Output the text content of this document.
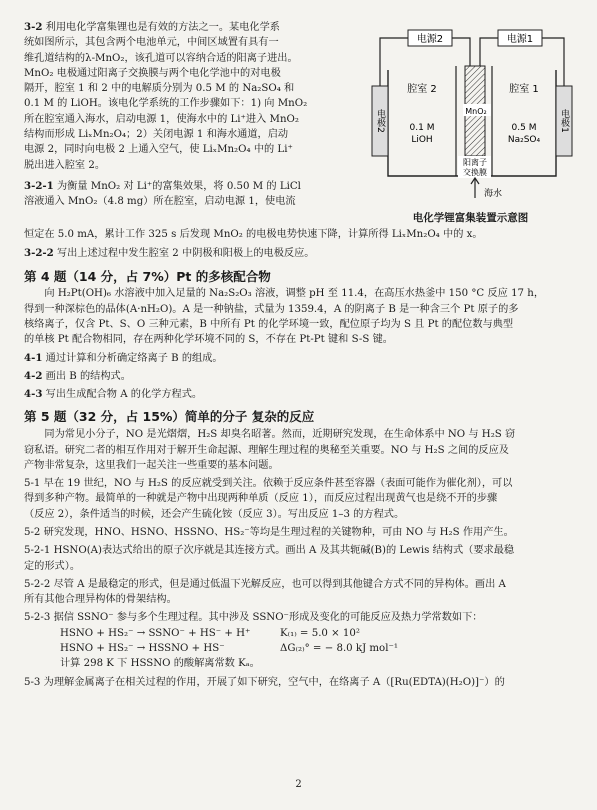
3-2 利用电化学富集锂也是有效的方法之一。某电化学系

统如图所示，其包含两个电池单元，中间区域置有具有一

维孔道结构的λ-MnO₂，该孔道可以容纳合适的阳离子进出。

MnO₂ 电极通过阳离子交换膜与两个电化学池中的对电极

隔开，腔室 1 和 2 中的电解质分别为 0.5 M 的 Na₂SO₄ 和

0.1 M 的 LiOH。该电化学系统的工作步骤如下：1) 向 MnO₂

所在腔室通入海水，启动电源 1，使海水中的 Li⁺进入 MnO₂

结构而形成 LiₓMn₂O₄；2）关闭电源 1 和海水通道，启动

电源 2，同时向电极 2 上通入空气，使 LiₓMn₂O₄ 中的 Li⁺

脱出进入腔室 2。

3-2-1 为衡量 MnO₂ 对 Li⁺的富集效果，将 0.50 M 的 LiCl

溶液通入 MnO₂（4.8 mg）所在腔室，启动电源 1，使电流

电源2	电源1
电极2	电极1
MnO₂
腔室 2	腔室 1
0.1 M
LiOH
0.5 M
Na₂SO₄
阳离子
交换膜
海水
电化学锂富集装置示意图

恒定在 5.0 mA，累计工作 325 s 后发现 MnO₂ 的电极电势快速下降，计算所得 LiₓMn₂O₄ 中的 x。

3-2-2 写出上述过程中发生腔室 2 中阴极和阳极上的电极反应。

第 4 题（14 分，占 7%）Pt 的多核配合物

向 H₂Pt(OH)₆ 水溶液中加入足量的 Na₂S₂O₃ 溶液，调整 pH 至 11.4，在高压水热釜中 150 °C 反应 17 h，

得到一种深棕色的晶体(A·nH₂O)。A 是一种钠盐，式量为 1359.4，A 的阴离子 B 是一种含三个 Pt 原子的多

核络离子，仅含 Pt、S、O 三种元素，B 中所有 Pt 的化学环境一致，配位原子均为 S 且 Pt 的配位数与典型

的单核 Pt 配合物相同，存在两种化学环境不同的 S，不存在 Pt-Pt 键和 S-S 键。

4-1 通过计算和分析确定络离子 B 的组成。

4-2 画出 B 的结构式。

4-3 写出生成配合物 A 的化学方程式。

第 5 题（32 分，占 15%）简单的分子 复杂的反应

同为常见小分子，NO 是光熠熠，H₂S 却臭名昭著。然而，近期研究发现，在生命体系中 NO 与 H₂S 窃

窃私语。研究二者的相互作用对于解开生命起源、理解生理过程的奥秘至关重要。NO 与 H₂S 之间的反应及

产物非常复杂，这里我们一起关注一些重要的基本问题。

5-1 早在 19 世纪，NO 与 H₂S 的反应就受到关注。依赖于反应条件甚至容器（表面可能作为催化剂），可以

得到多种产物。最简单的一种就是产物中出现两种单质（反应 1），而反应过程出现黄气也是绕不开的步骤

（反应 2），条件适当的时候，还会产生硫化铵（反应 3）。写出反应 1–3 的方程式。

5-2 研究发现，HNO、HSNO、HSSNO、HS₂⁻等均是生理过程的关键物种，可由 NO 与 H₂S 作用产生。

5-2-1 HSNO(A)表达式给出的原子次序就是其连接方式。画出 A 及其共轭碱(B)的 Lewis 结构式（要求最稳

定的形式）。

5-2-2 尽管 A 是最稳定的形式，但是通过低温下光解反应，也可以得到其他键合方式不同的异构体。画出 A

所有其他合理异构体的骨架结构。

5-2-3 据信 SSNO⁻ 参与多个生理过程。其中涉及 SSNO⁻形成及变化的可能反应及热力学常数如下：

HSNO + HS₂⁻ → SSNO⁻ + HS⁻ + H⁺	K₍₁₎ = 5.0 × 10²
HSNO + HS₂⁻ → HSSNO + HS⁻	ΔG₍₂₎° = − 8.0 kJ mol⁻¹

计算 298 K 下 HSSNO 的酸解离常数 Kₐ。

5-3 为理解金属离子在相关过程的作用，开展了如下研究，空气中，在络离子 A（[Ru(EDTA)(H₂O)]⁻）的

2
